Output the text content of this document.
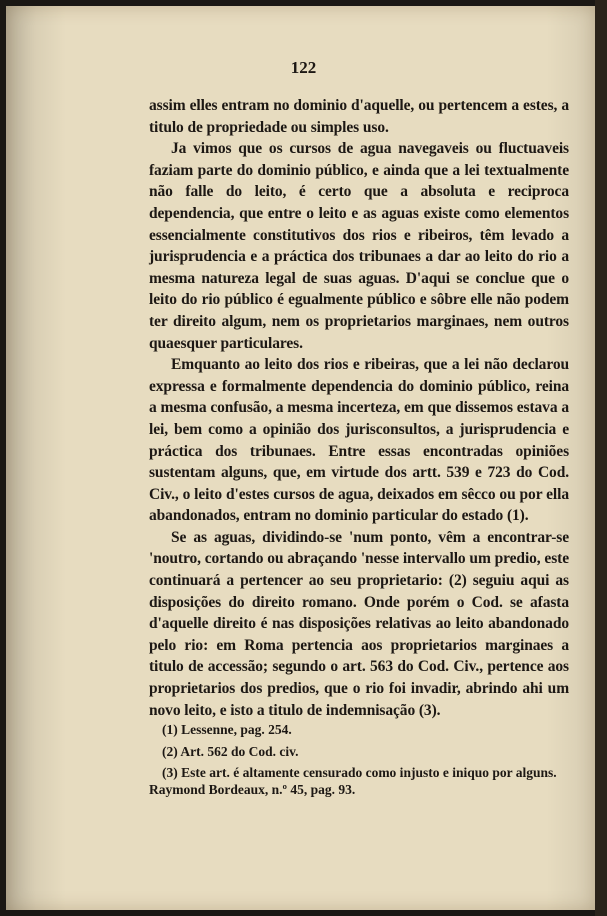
122

assim elles entram no dominio d'aquelle, ou pertencem a estes, a titulo de propriedade ou simples uso.

Ja vimos que os cursos de agua navegaveis ou fluctuaveis faziam parte do dominio público, e ainda que a lei textualmente não falle do leito, é certo que a absoluta e reciproca dependencia, que entre o leito e as aguas existe como elementos essencialmente constitutivos dos rios e ribeiros, têm levado a jurisprudencia e a práctica dos tribunaes a dar ao leito do rio a mesma natureza legal de suas aguas. D'aqui se conclue que o leito do rio público é egualmente público e sôbre elle não podem ter direito algum, nem os proprietarios marginaes, nem outros quaesquer particulares.

Emquanto ao leito dos rios e ribeiras, que a lei não declarou expressa e formalmente dependencia do dominio público, reina a mesma confusão, a mesma incerteza, em que dissemos estava a lei, bem como a opinião dos jurisconsultos, a jurisprudencia e práctica dos tribunaes. Entre essas encontradas opiniões sustentam alguns, que, em virtude dos artt. 539 e 723 do Cod. Civ., o leito d'estes cursos de agua, deixados em sêcco ou por ella abandonados, entram no dominio particular do estado (1).

Se as aguas, dividindo-se 'num ponto, vêm a encontrar-se 'noutro, cortando ou abraçando 'nesse intervallo um predio, este continuará a pertencer ao seu proprietario: (2) seguiu aqui as disposições do direito romano. Onde porém o Cod. se afasta d'aquelle direito é nas disposições relativas ao leito abandonado pelo rio: em Roma pertencia aos proprietarios marginaes a titulo de accessão; segundo o art. 563 do Cod. Civ., pertence aos proprietarios dos predios, que o rio foi invadir, abrindo ahi um novo leito, e isto a titulo de indemnisação (3).

(1) Lessenne, pag. 254.

(2) Art. 562 do Cod. civ.

(3) Este art. é altamente censurado como injusto e iniquo por alguns. Raymond Bordeaux, n.º 45, pag. 93.
